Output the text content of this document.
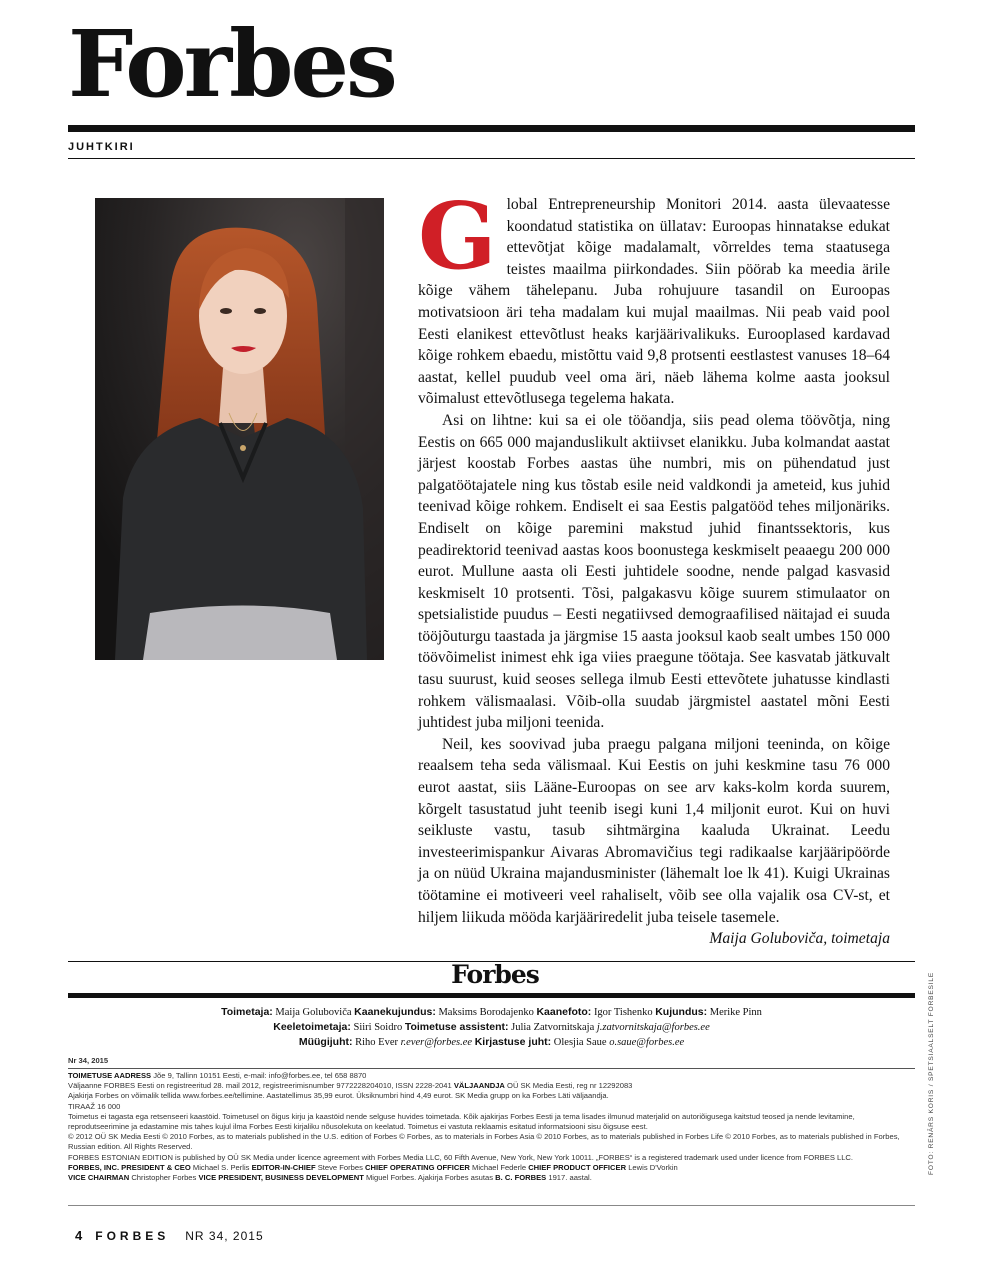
Forbes
JUHTKIRI
G lobal Entrepreneurship Monitori 2014. aasta ülevaatesse koondatud statistika on üllatav: Euroopas hinnatakse edukat ettevõtjat kõige madalamalt, võrreldes tema staatusega teistes maailma piirkondades. Siin pöörab ka meedia ärile kõige vähem tähelepanu. Juba rohujuure tasandil on Euroopas motivatsioon äri teha madalam kui mujal maailmas. Nii peab vaid pool Eesti elanikest ettevõtlust heaks karjäärivalikuks. Eurooplased kardavad kõige rohkem ebaedu, mistõttu vaid 9,8 protsenti eestlastest vanuses 18–64 aastat, kellel puudub veel oma äri, näeb lähema kolme aasta jooksul võimalust ettevõtlusega tegelema hakata.

Asi on lihtne: kui sa ei ole tööandja, siis pead olema töövõtja, ning Eestis on 665 000 majanduslikult aktiivset elanikku. Juba kolmandat aastat järjest koostab Forbes aastas ühe numbri, mis on pühendatud just palgatöötajatele ning kus tõstab esile neid valdkondi ja ameteid, kus juhid teenivad kõige rohkem. Endiselt ei saa Eestis palgatööd tehes miljonäriks. Endiselt on kõige paremini makstud juhid finantssektoris, kus peadirektorid teenivad aastas koos boonustega keskmiselt peaaegu 200 000 eurot. Mullune aasta oli Eesti juhtidele soodne, nende palgad kasvasid keskmiselt 10 protsenti. Tõsi, palgakasvu kõige suurem stimulaator on spetsialistide puudus – Eesti negatiivsed demograafilised näitajad ei suuda tööjõuturgu taastada ja järgmise 15 aasta jooksul kaob sealt umbes 150 000 töövõimelist inimest ehk iga viies praegune töötaja. See kasvatab jätkuvalt tasu suurust, kuid seoses sellega ilmub Eesti ettevõtete juhatusse kindlasti rohkem välismaalasi. Võib-olla suudab järgmistel aastatel mõni Eesti juhtidest juba miljoni teenida.

Neil, kes soovivad juba praegu palgana miljoni teeninda, on kõige reaalsem teha seda välismaal. Kui Eestis on juhi keskmine tasu 76 000 eurot aastat, siis Lääne-Euroopas on see arv kaks-kolm korda suurem, kõrgelt tasustatud juht teenib isegi kuni 1,4 miljonit eurot. Kui on huvi seikluste vastu, tasub sihtmärgina kaaluda Ukrainat. Leedu investeerimispankur Aivaras Abromavičius tegi radikaalse karjääripöörde ja on nüüd Ukraina majandusminister (lähemalt loe lk 41). Kuigi Ukrainas töötamine ei motiveeri veel rahaliselt, võib see olla vajalik osa CV-st, et hiljem liikuda mööda karjääriredelit juba teisele tasemele.

Maija Goluboviča, toimetaja

Forbes
Toimetaja: Maija Goluboviča Kaanekujundus: Maksims Borodajenko Kaanefoto: Igor Tishenko Kujundus: Merike Pinn
Keeletoimetaja: Siiri Soidro Toimetuse assistent: Julia Zatvornitskaja j.zatvornitskaja@forbes.ee
Müügijuht: Riho Ever r.ever@forbes.ee Kirjastuse juht: Olesjia Saue o.saue@forbes.ee
Nr 34, 2015
TOIMETUSE AADRESS Jõe 9, Tallinn 10151 Eesti, e-mail: info@forbes.ee, tel 658 8870
Väljaanne FORBES Eesti on registreeritud 28. mail 2012, registreerimisnumber 9772228204010, ISSN 2228-2041 VÄLJAANDJA OÜ SK Media Eesti, reg nr 12292083
Ajakirja Forbes on võimalik tellida www.forbes.ee/tellimine. Aastatellimus 35,99 eurot. Üksiknumbri hind 4,49 eurot. SK Media grupp on ka Forbes Läti väljaandja.
TIRAAŽ 16 000
Toimetus ei tagasta ega retsenseeri kaastöid. Toimetusel on õigus kirju ja kaastöid nende selguse huvides toimetada. Kõik ajakirjas Forbes Eesti ja tema lisades ilmunud materjalid on autoriõigusega kaitstud teosed ja nende levitamine, reprodutseerimine ja edastamine mis tahes kujul ilma Forbes Eesti kirjaliku nõusolekuta on keelatud. Toimetus ei vastuta reklaamis esitatud informatsiooni sisu õigsuse eest.
© 2012 OÜ SK Media Eesti © 2010 Forbes, as to materials published in the U.S. edition of Forbes © Forbes, as to materials in Forbes Asia © 2010 Forbes, as to materials published in Forbes Life © 2010 Forbes, as to materials published in Forbes, Russian edition. All Rights Reserved.
FORBES ESTONIAN EDITION is published by OÜ SK Media under licence agreement with Forbes Media LLC, 60 Fifth Avenue, New York, New York 10011. „FORBES“ is a registered trademark used under licence from FORBES LLC.
FORBES, INC. PRESIDENT & CEO Michael S. Perlis EDITOR-IN-CHIEF Steve Forbes CHIEF OPERATING OFFICER Michael Federle CHIEF PRODUCT OFFICER Lewis D'Vorkin
VICE CHAIRMAN Christopher Forbes VICE PRESIDENT, BUSINESS DEVELOPMENT Miguel Forbes. Ajakirja Forbes asutas B. C. FORBES 1917. aastal.
FOTO: RENĀRS KORIS / SPETSIAALSELT FORBESILE
4 FORBES NR 34, 2015
